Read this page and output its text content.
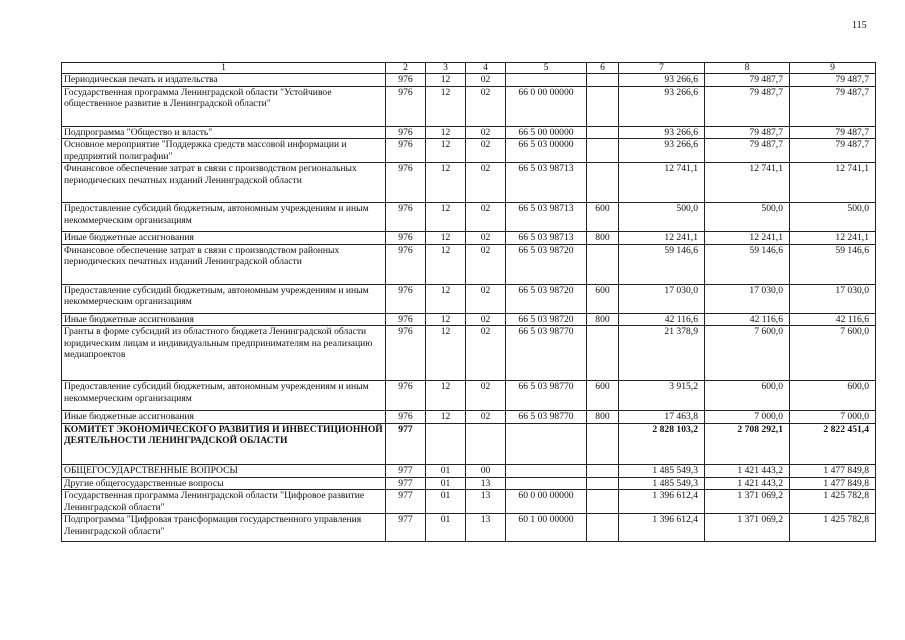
115
1	2	3	4	5	6	7	8	9
Периодическая печать и издательства	976	12	02			93 266,6	79 487,7	79 487,7
Государственная программа Ленинградской области "Устойчивое общественное развитие в Ленинградской области"	976	12	02	66 0 00 00000		93 266,6	79 487,7	79 487,7
Подпрограмма "Общество и власть"	976	12	02	66 5 00 00000		93 266,6	79 487,7	79 487,7
Основное мероприятие "Поддержка средств массовой информации и предприятий полиграфии"	976	12	02	66 5 03 00000		93 266,6	79 487,7	79 487,7
Финансовое обеспечение затрат в связи с производством региональных периодических печатных изданий Ленинградской области	976	12	02	66 5 03 98713		12 741,1	12 741,1	12 741,1
Предоставление субсидий бюджетным, автономным учреждениям и иным некоммерческим организациям	976	12	02	66 5 03 98713	600	500,0	500,0	500,0
Иные бюджетные ассигнования	976	12	02	66 5 03 98713	800	12 241,1	12 241,1	12 241,1
Финансовое обеспечение затрат в связи с производством районных периодических печатных изданий Ленинградской области	976	12	02	66 5 03 98720		59 146,6	59 146,6	59 146,6
Предоставление субсидий бюджетным, автономным учреждениям и иным некоммерческим организациям	976	12	02	66 5 03 98720	600	17 030,0	17 030,0	17 030,0
Иные бюджетные ассигнования	976	12	02	66 5 03 98720	800	42 116,6	42 116,6	42 116,6
Гранты в форме субсидий из областного бюджета Ленинградской области юридическим лицам и индивидуальным предпринимателям на реализацию медиапроектов	976	12	02	66 5 03 98770		21 378,9	7 600,0	7 600,0
Предоставление субсидий бюджетным, автономным учреждениям и иным некоммерческим организациям	976	12	02	66 5 03 98770	600	3 915,2	600,0	600,0
Иные бюджетные ассигнования	976	12	02	66 5 03 98770	800	17 463,8	7 000,0	7 000,0
КОМИТЕТ ЭКОНОМИЧЕСКОГО РАЗВИТИЯ И ИНВЕСТИЦИОННОЙ ДЕЯТЕЛЬНОСТИ ЛЕНИНГРАДСКОЙ ОБЛАСТИ	977					2 828 103,2	2 708 292,1	2 822 451,4
ОБЩЕГОСУДАРСТВЕННЫЕ ВОПРОСЫ	977	01	00			1 485 549,3	1 421 443,2	1 477 849,8
Другие общегосударственные вопросы	977	01	13			1 485 549,3	1 421 443,2	1 477 849,8
Государственная программа Ленинградской области "Цифровое развитие Ленинградской области"	977	01	13	60 0 00 00000		1 396 612,4	1 371 069,2	1 425 782,8
Подпрограмма "Цифровая трансформация государственного управления Ленинградской области"	977	01	13	60 1 00 00000		1 396 612,4	1 371 069,2	1 425 782,8
